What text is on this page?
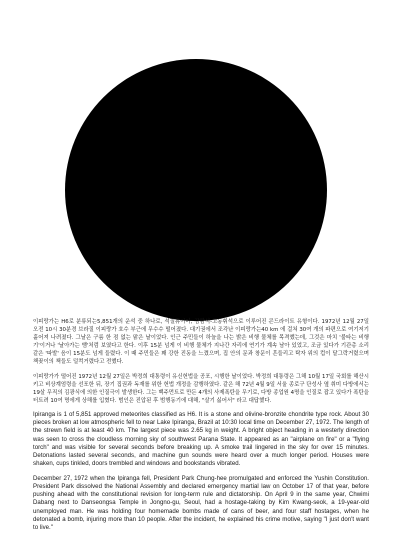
이피랑가는 H6로 분류되는5,851개의 운석 중 하나로, 석질휴이어, 감람석-고동휘석으로 이루어진 콘드라이트 유형이다. 1972년 12월 27일 오전 10시 30분경 브라질 이피랑가 호수 부근에 무수수 떨어졌다. 대기권에서 조각난 이피랑가는40 km 에 걸쳐 30여 개의 파편으로 여기저기 흩어져 나려졌다. 그날은 구름 한 점 없는 맑은 날이었다. 인근 주민들이 하늘을 나는 밝은 비행 물체를 목격했는데, 그것은 마치 '불타는 비행기'이거나 '날아가는 뱀'처럼 보였다고 한다. 이후 15분 넘게 이 비행 물체가 지나간 자리에 연기가 계속 남아 있었고, 조금 있다가 기관총 소리 같은 '따발' 음이 15분도 넘게 들렸다. 이 때 주민들은 꽤 강한 진동을 느꼈으며, 집 안의 문과 창문이 흔들리고 탁자 위의 컵이 달그락거렸으며 책꽂이의 책들도 덜컥거렸다고 전했다.

이피랑가가 떨어진 1972년 12월 27일은 박정희 대통령이 유신헌법을 공포, 시행한 날이었다. 박정희 대통령은 그해 10월 17일 국회를 해산시키고 비상계엄령을 선포한 뒤, 장기 집권과 독재를 위한 헌법 개정을 감행하였다. 같은 해 72년 4월 9일 서울 종로구 단성사 옆 취미 다방에서는 19살 무직의 김광식에 의한 인질극이 발생한다. 그는 백주먼트로 만든 4개의 사제폭탄을 무기로, 다방 종업원 4명을 인질로 잡고 있다가 폭탄을 터트려 10여 명에게 상해를 입혔다. 범인은 진압된 후 범행동기에 대해, "살기 싫어서" 라고 대답했다.

Ipiranga is 1 of 5,851 approved meteorites classified as H6. It is a stone and olivine-bronzite chondrite type rock. About 30 pieces broken at low atmospheric fell to near Lake Ipiranga, Brazil at 10:30 local time on December 27, 1972. The length of the strewn field is at least 40 km. The largest piece was 2.65 kg in weight. A bright object heading in a westerly direction was seen to cross the cloudless morning sky of southwest Parana State. It appeared as an "airplane on fire" or a "flying torch" and was visible for several seconds before breaking up. A smoke trail lingered in the sky for over 15 minutes. Detonations lasted several seconds, and machine gun sounds were heard over a much longer period. Houses were shaken, cups tinkled, doors trembled and windows and bookstands vibrated.

December 27, 1972 when the Ipiranga fell, President Park Chung-hee promulgated and enforced the Yushin Constitution. President Park dissolved the National Assembly and declared emergency martial law on October 17 of that year, before pushing ahead with the constitutional revision for long-term rule and dictatorship. On April 9 in the same year, Chwimi Dabang next to Danseongsa Temple in Jongno-gu, Seoul, had a hostage-taking by Kim Kwang-seok, a 19-year-old unemployed man. He was holding four homemade bombs made of cans of beer, and four staff hostages, when he detonated a bomb, injuring more than 10 people. After the incident, he explained his crime motive, saying "I just don't want to live."
